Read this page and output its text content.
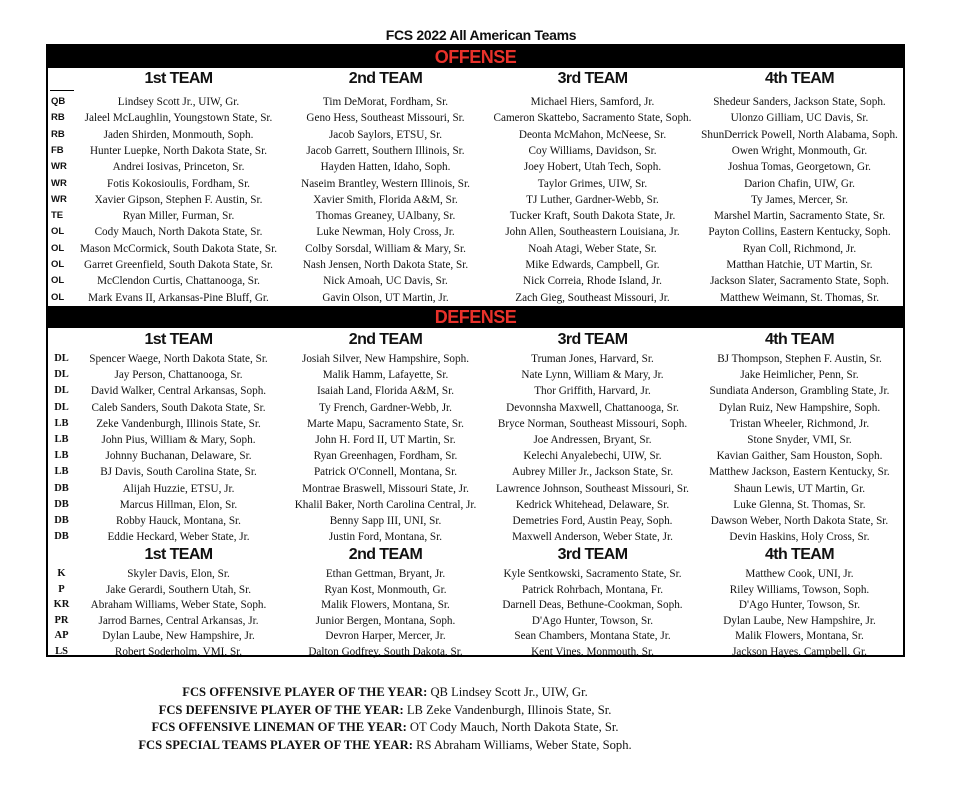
FCS 2022 All American Teams
OFFENSE
1st TEAM	2nd TEAM	3rd TEAM	4th TEAM
QB	Lindsey Scott Jr., UIW, Gr.	Tim DeMorat, Fordham, Sr.	Michael Hiers, Samford, Jr.	Shedeur Sanders, Jackson State, Soph.
RB	Jaleel McLaughlin, Youngstown State, Sr.	Geno Hess, Southeast Missouri, Sr.	Cameron Skattebo, Sacramento State, Soph.	Ulonzo Gilliam, UC Davis, Sr.
RB	Jaden Shirden, Monmouth, Soph.	Jacob Saylors, ETSU, Sr.	Deonta McMahon, McNeese, Sr.	ShunDerrick Powell, North Alabama, Soph.
FB	Hunter Luepke, North Dakota State, Sr.	Jacob Garrett, Southern Illinois, Sr.	Coy Williams, Davidson, Sr.	Owen Wright, Monmouth, Gr.
WR	Andrei Iosivas, Princeton, Sr.	Hayden Hatten, Idaho, Soph.	Joey Hobert, Utah Tech, Soph.	Joshua Tomas, Georgetown, Gr.
WR	Fotis Kokosioulis, Fordham, Sr.	Naseim Brantley, Western Illinois, Sr.	Taylor Grimes, UIW, Sr.	Darion Chafin, UIW, Gr.
WR	Xavier Gipson, Stephen F. Austin, Sr.	Xavier Smith, Florida A&M, Sr.	TJ Luther, Gardner-Webb, Sr.	Ty James, Mercer, Sr.
TE	Ryan Miller, Furman, Sr.	Thomas Greaney, UAlbany, Sr.	Tucker Kraft, South Dakota State, Jr.	Marshel Martin, Sacramento State, Sr.
OL	Cody Mauch, North Dakota State, Sr.	Luke Newman, Holy Cross, Jr.	John Allen, Southeastern Louisiana, Jr.	Payton Collins, Eastern Kentucky, Soph.
OL	Mason McCormick, South Dakota State, Sr.	Colby Sorsdal, William & Mary, Sr.	Noah Atagi, Weber State, Sr.	Ryan Coll, Richmond, Jr.
OL	Garret Greenfield, South Dakota State, Sr.	Nash Jensen, North Dakota State, Sr.	Mike Edwards, Campbell, Gr.	Matthan Hatchie, UT Martin, Sr.
OL	McClendon Curtis, Chattanooga, Sr.	Nick Amoah, UC Davis, Sr.	Nick Correia, Rhode Island, Jr.	Jackson Slater, Sacramento State, Soph.
OL	Mark Evans II, Arkansas-Pine Bluff, Gr.	Gavin Olson, UT Martin, Jr.	Zach Gieg, Southeast Missouri, Jr.	Matthew Weimann, St. Thomas, Sr.
DEFENSE
1st TEAM	2nd TEAM	3rd TEAM	4th TEAM
DL	Spencer Waege, North Dakota State, Sr.	Josiah Silver, New Hampshire, Soph.	Truman Jones, Harvard, Sr.	BJ Thompson, Stephen F. Austin, Sr.
DL	Jay Person, Chattanooga, Sr.	Malik Hamm, Lafayette, Sr.	Nate Lynn, William & Mary, Jr.	Jake Heimlicher, Penn, Sr.
DL	David Walker, Central Arkansas, Soph.	Isaiah Land, Florida A&M, Sr.	Thor Griffith, Harvard, Jr.	Sundiata Anderson, Grambling State, Jr.
DL	Caleb Sanders, South Dakota State, Sr.	Ty French, Gardner-Webb, Jr.	Devonnsha Maxwell, Chattanooga, Sr.	Dylan Ruiz, New Hampshire, Soph.
LB	Zeke Vandenburgh, Illinois State, Sr.	Marte Mapu, Sacramento State, Sr.	Bryce Norman, Southeast Missouri, Soph.	Tristan Wheeler, Richmond, Jr.
LB	John Pius, William & Mary, Soph.	John H. Ford II, UT Martin, Sr.	Joe Andressen, Bryant, Sr.	Stone Snyder, VMI, Sr.
LB	Johnny Buchanan, Delaware, Sr.	Ryan Greenhagen, Fordham, Sr.	Kelechi Anyalebechi, UIW, Sr.	Kavian Gaither, Sam Houston, Soph.
LB	BJ Davis, South Carolina State, Sr.	Patrick O'Connell, Montana, Sr.	Aubrey Miller Jr., Jackson State, Sr.	Matthew Jackson, Eastern Kentucky, Sr.
DB	Alijah Huzzie, ETSU, Jr.	Montrae Braswell, Missouri State, Jr.	Lawrence Johnson, Southeast Missouri, Sr.	Shaun Lewis, UT Martin, Gr.
DB	Marcus Hillman, Elon, Sr.	Khalil Baker, North Carolina Central, Jr.	Kedrick Whitehead, Delaware, Sr.	Luke Glenna, St. Thomas, Sr.
DB	Robby Hauck, Montana, Sr.	Benny Sapp III, UNI, Sr.	Demetries Ford, Austin Peay, Soph.	Dawson Weber, North Dakota State, Sr.
DB	Eddie Heckard, Weber State, Jr.	Justin Ford, Montana, Sr.	Maxwell Anderson, Weber State, Jr.	Devin Haskins, Holy Cross, Sr.
1st TEAM	2nd TEAM	3rd TEAM	4th TEAM
K	Skyler Davis, Elon, Sr.	Ethan Gettman, Bryant, Jr.	Kyle Sentkowski, Sacramento State, Sr.	Matthew Cook, UNI, Jr.
P	Jake Gerardi, Southern Utah, Sr.	Ryan Kost, Monmouth, Gr.	Patrick Rohrbach, Montana, Fr.	Riley Williams, Towson, Soph.
KR	Abraham Williams, Weber State, Soph.	Malik Flowers, Montana, Sr.	Darnell Deas, Bethune-Cookman, Soph.	D'Ago Hunter, Towson, Sr.
PR	Jarrod Barnes, Central Arkansas, Jr.	Junior Bergen, Montana, Soph.	D'Ago Hunter, Towson, Sr.	Dylan Laube, New Hampshire, Jr.
AP	Dylan Laube, New Hampshire, Jr.	Devron Harper, Mercer, Jr.	Sean Chambers, Montana State, Jr.	Malik Flowers, Montana, Sr.
LS	Robert Soderholm, VMI, Sr.	Dalton Godfrey, South Dakota, Sr.	Kent Vines, Monmouth, Sr.	Jackson Hayes, Campbell, Gr.
FCS OFFENSIVE PLAYER OF THE YEAR: QB Lindsey Scott Jr., UIW, Gr.
FCS DEFENSIVE PLAYER OF THE YEAR: LB Zeke Vandenburgh, Illinois State, Sr.
FCS OFFENSIVE LINEMAN OF THE YEAR: OT Cody Mauch, North Dakota State, Sr.
FCS SPECIAL TEAMS PLAYER OF THE YEAR: RS Abraham Williams, Weber State, Soph.
